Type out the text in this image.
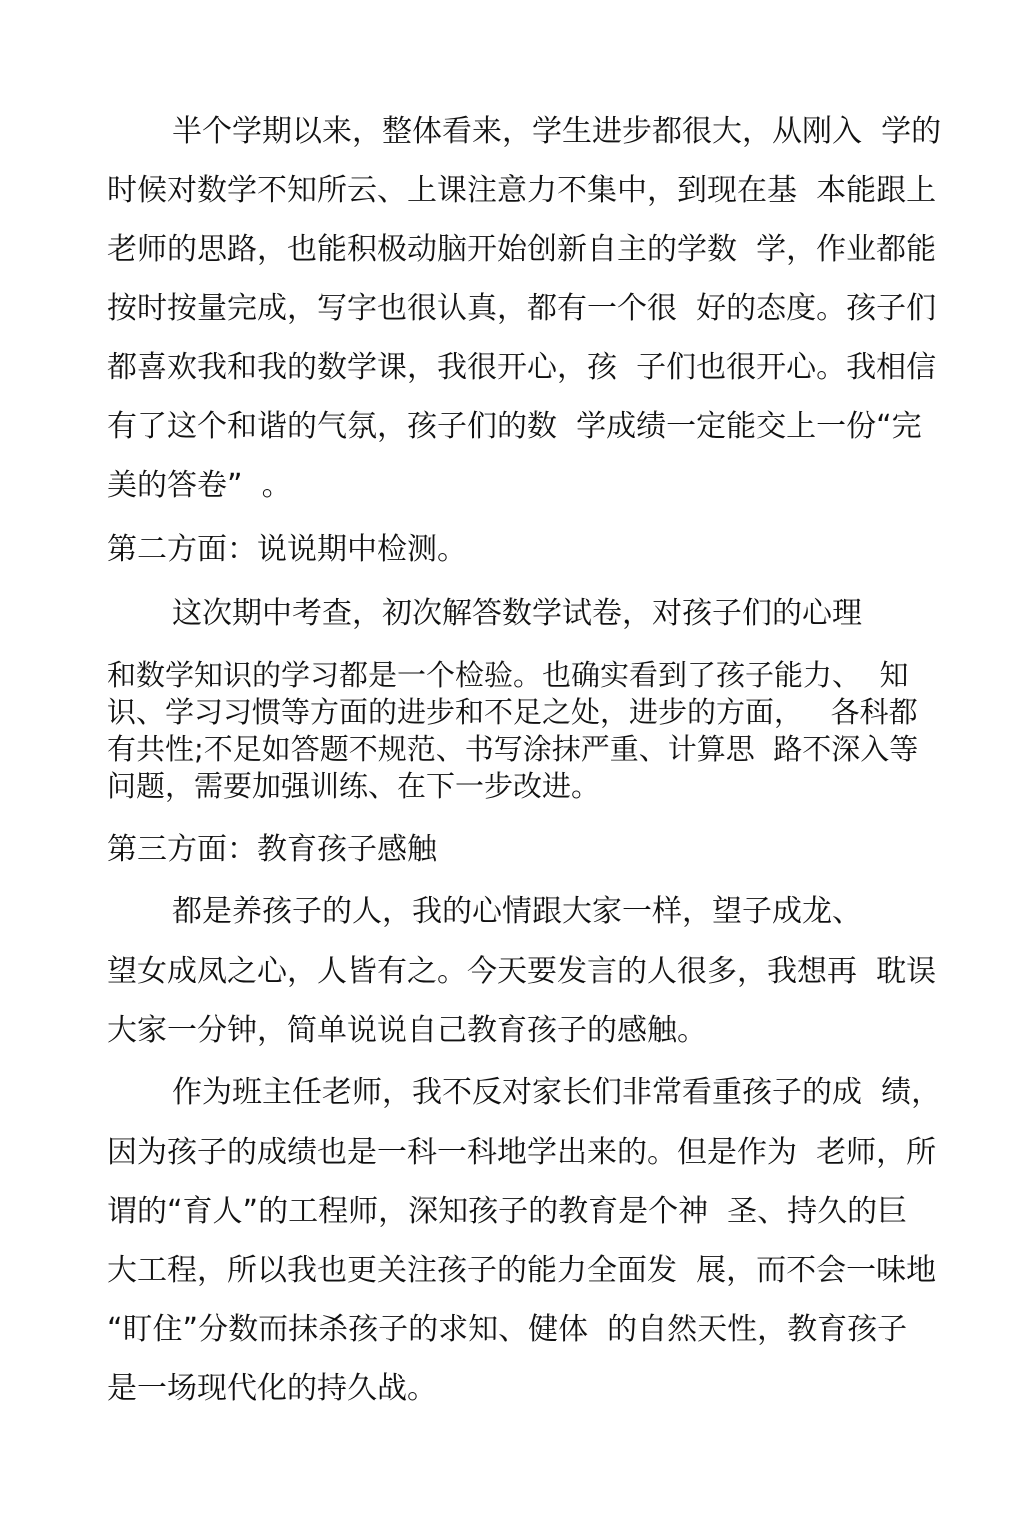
半个学期以来，整体看来，学生进步都很大，从刚入  学的
时候对数学不知所云、上课注意力不集中，到现在基  本能跟上
老师的思路，也能积极动脑开始创新自主的学数  学，作业都能
按时按量完成，写字也很认真，都有一个很  好的态度。孩子们
都喜欢我和我的数学课，我很开心，孩  子们也很开心。我相信
有了这个和谐的气氛，孩子们的数  学成绩一定能交上一份“完
美的答卷”  。
第二方面：说说期中检测。
这次期中考查，初次解答数学试卷，对孩子们的心理
和数学知识的学习都是一个检验。也确实看到了孩子能力、  知
识、学习习惯等方面的进步和不足之处，进步的方面，   各科都
有共性;不足如答题不规范、书写涂抹严重、计算思  路不深入等
问题，需要加强训练、在下一步改进。
第三方面：教育孩子感触
都是养孩子的人，我的心情跟大家一样，望子成龙、
望女成凤之心，人皆有之。今天要发言的人很多，我想再  耽误
大家一分钟，简单说说自己教育孩子的感触。
作为班主任老师，我不反对家长们非常看重孩子的成  绩，
因为孩子的成绩也是一科一科地学出来的。但是作为  老师，所
谓的“育人”的工程师，深知孩子的教育是个神  圣、持久的巨
大工程，所以我也更关注孩子的能力全面发  展，而不会一味地
“盯住”分数而抹杀孩子的求知、健体  的自然天性，教育孩子
是一场现代化的持久战。
